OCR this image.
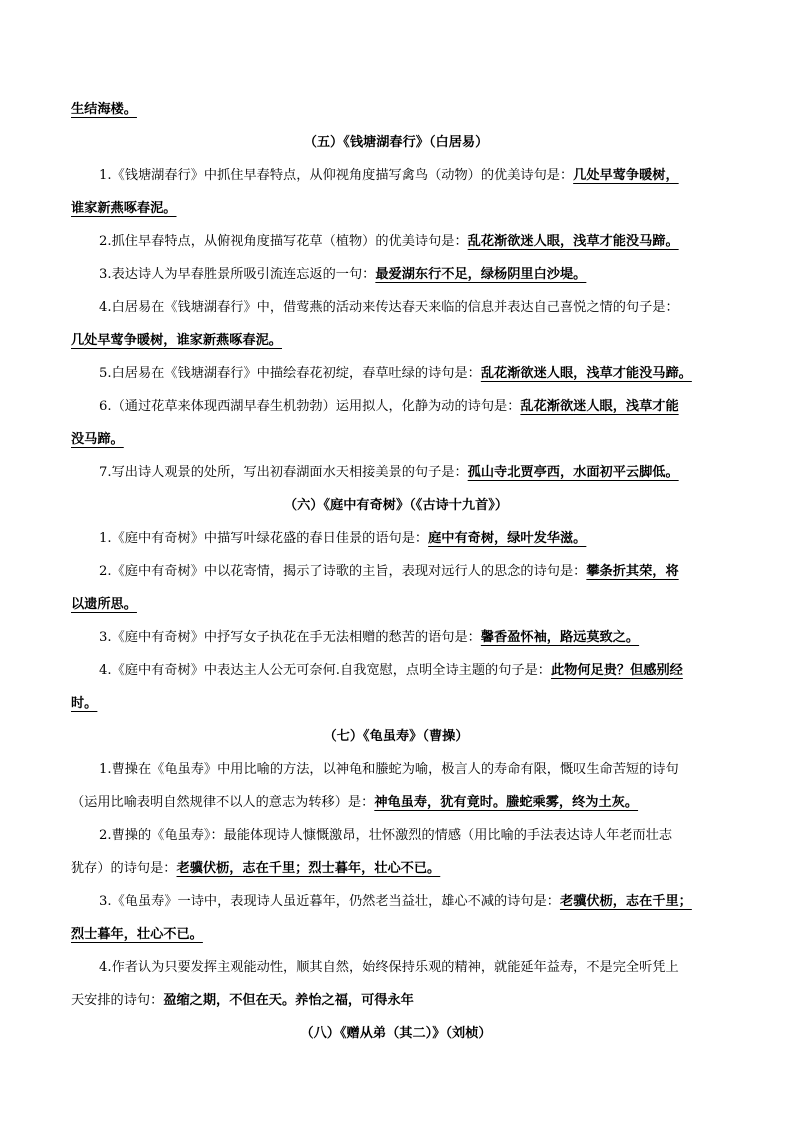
生结海楼。
（五）《钱塘湖春行》（白居易）
1.《钱塘湖春行》中抓住早春特点，从仰视角度描写禽鸟（动物）的优美诗句是：几处早莺争暖树，
谁家新燕啄春泥。
2.抓住早春特点，从俯视角度描写花草（植物）的优美诗句是：乱花渐欲迷人眼，浅草才能没马蹄。
3.表达诗人为早春胜景所吸引流连忘返的一句：最爱湖东行不足，绿杨阴里白沙堤。
4.白居易在《钱塘湖春行》中，借莺燕的活动来传达春天来临的信息并表达自己喜悦之情的句子是：
几处早莺争暖树，谁家新燕啄春泥。
5.白居易在《钱塘湖春行》中描绘春花初绽，春草吐绿的诗句是：乱花渐欲迷人眼，浅草才能没马蹄。
6.（通过花草来体现西湖早春生机勃勃）运用拟人，化静为动的诗句是：乱花渐欲迷人眼，浅草才能
没马蹄。
7.写出诗人观景的处所，写出初春湖面水天相接美景的句子是：孤山寺北贾亭西，水面初平云脚低。
（六）《庭中有奇树》（《古诗十九首》）
1.《庭中有奇树》中描写叶绿花盛的春日佳景的语句是：庭中有奇树，绿叶发华滋。
2.《庭中有奇树》中以花寄情，揭示了诗歌的主旨，表现对远行人的思念的诗句是：攀条折其荣，将
以遗所思。
3.《庭中有奇树》中抒写女子执花在手无法相赠的愁苦的语句是：馨香盈怀袖，路远莫致之。
4.《庭中有奇树》中表达主人公无可奈何.自我宽慰，点明全诗主题的句子是：此物何足贵？但感别经
时。
（七）《龟虽寿》（曹操）
1.曹操在《龟虽寿》中用比喻的方法，以神龟和螣蛇为喻，极言人的寿命有限，慨叹生命苦短的诗句
（运用比喻表明自然规律不以人的意志为转移）是：神龟虽寿，犹有竟时。螣蛇乘雾，终为土灰。
2.曹操的《龟虽寿》：最能体现诗人慷慨激昂，壮怀激烈的情感（用比喻的手法表达诗人年老而壮志
犹存）的诗句是：老骥伏枥，志在千里；烈士暮年，壮心不已。
3.《龟虽寿》一诗中，表现诗人虽近暮年，仍然老当益壮，雄心不减的诗句是：老骥伏枥，志在千里；
烈士暮年，壮心不已。
4.作者认为只要发挥主观能动性，顺其自然，始终保持乐观的精神，就能延年益寿，不是完全听凭上
天安排的诗句：盈缩之期，不但在天。养怡之福，可得永年
（八）《赠从弟（其二）》（刘桢）
